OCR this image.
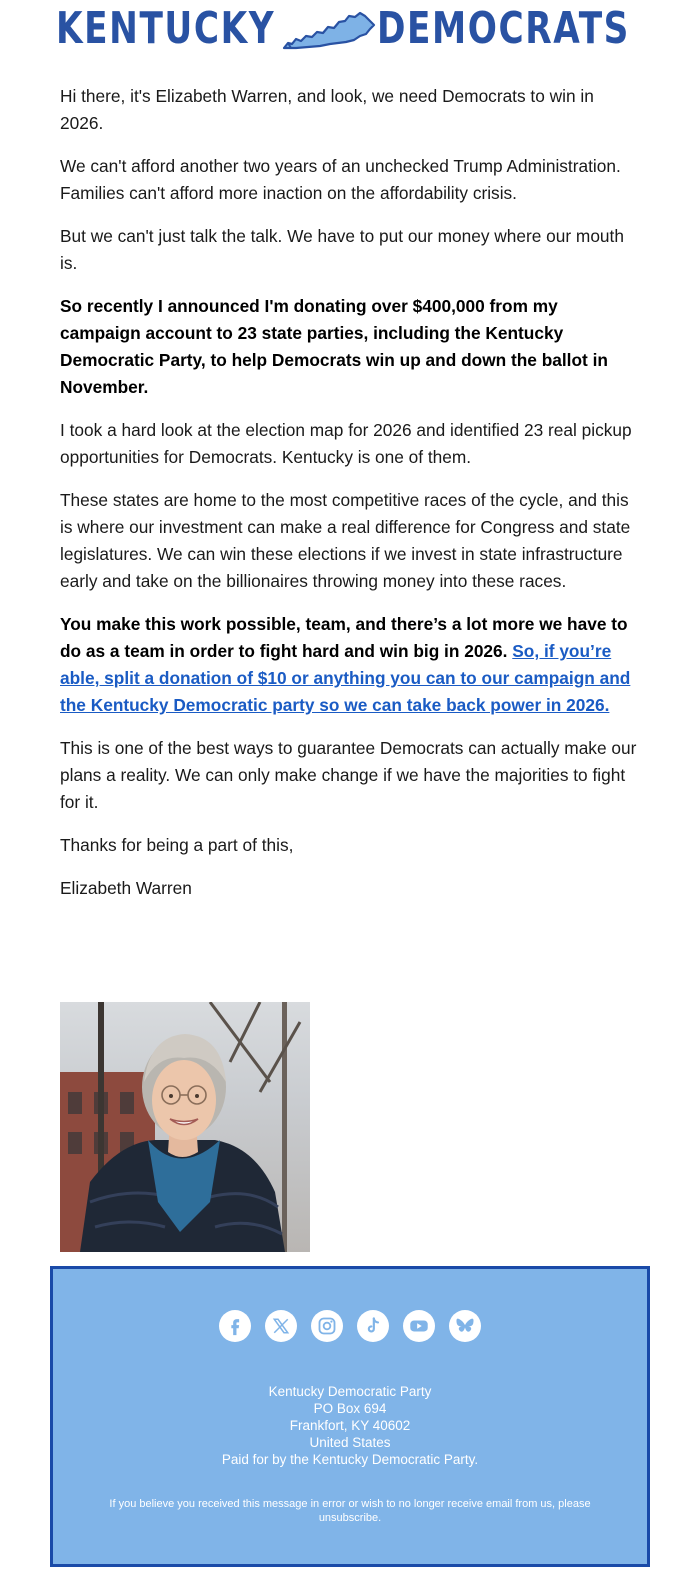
KENTUCKY DEMOCRATS

Hi there, it's Elizabeth Warren, and look, we need Democrats to win in 2026.

We can't afford another two years of an unchecked Trump Administration. Families can't afford more inaction on the affordability crisis.

But we can't just talk the talk. We have to put our money where our mouth is.

So recently I announced I'm donating over $400,000 from my campaign account to 23 state parties, including the Kentucky Democratic Party, to help Democrats win up and down the ballot in November.

I took a hard look at the election map for 2026 and identified 23 real pickup opportunities for Democrats. Kentucky is one of them.

These states are home to the most competitive races of the cycle, and this is where our investment can make a real difference for Congress and state legislatures. We can win these elections if we invest in state infrastructure early and take on the billionaires throwing money into these races.

You make this work possible, team, and there’s a lot more we have to do as a team in order to fight hard and win big in 2026. So, if you’re able, split a donation of $10 or anything you can to our campaign and the Kentucky Democratic party so we can take back power in 2026.

This is one of the best ways to guarantee Democrats can actually make our plans a reality. We can only make change if we have the majorities to fight for it.

Thanks for being a part of this,

Elizabeth Warren

Kentucky Democratic Party
PO Box 694
Frankfort, KY 40602
United States
Paid for by the Kentucky Democratic Party.
If you believe you received this message in error or wish to no longer receive email from us, please unsubscribe.
